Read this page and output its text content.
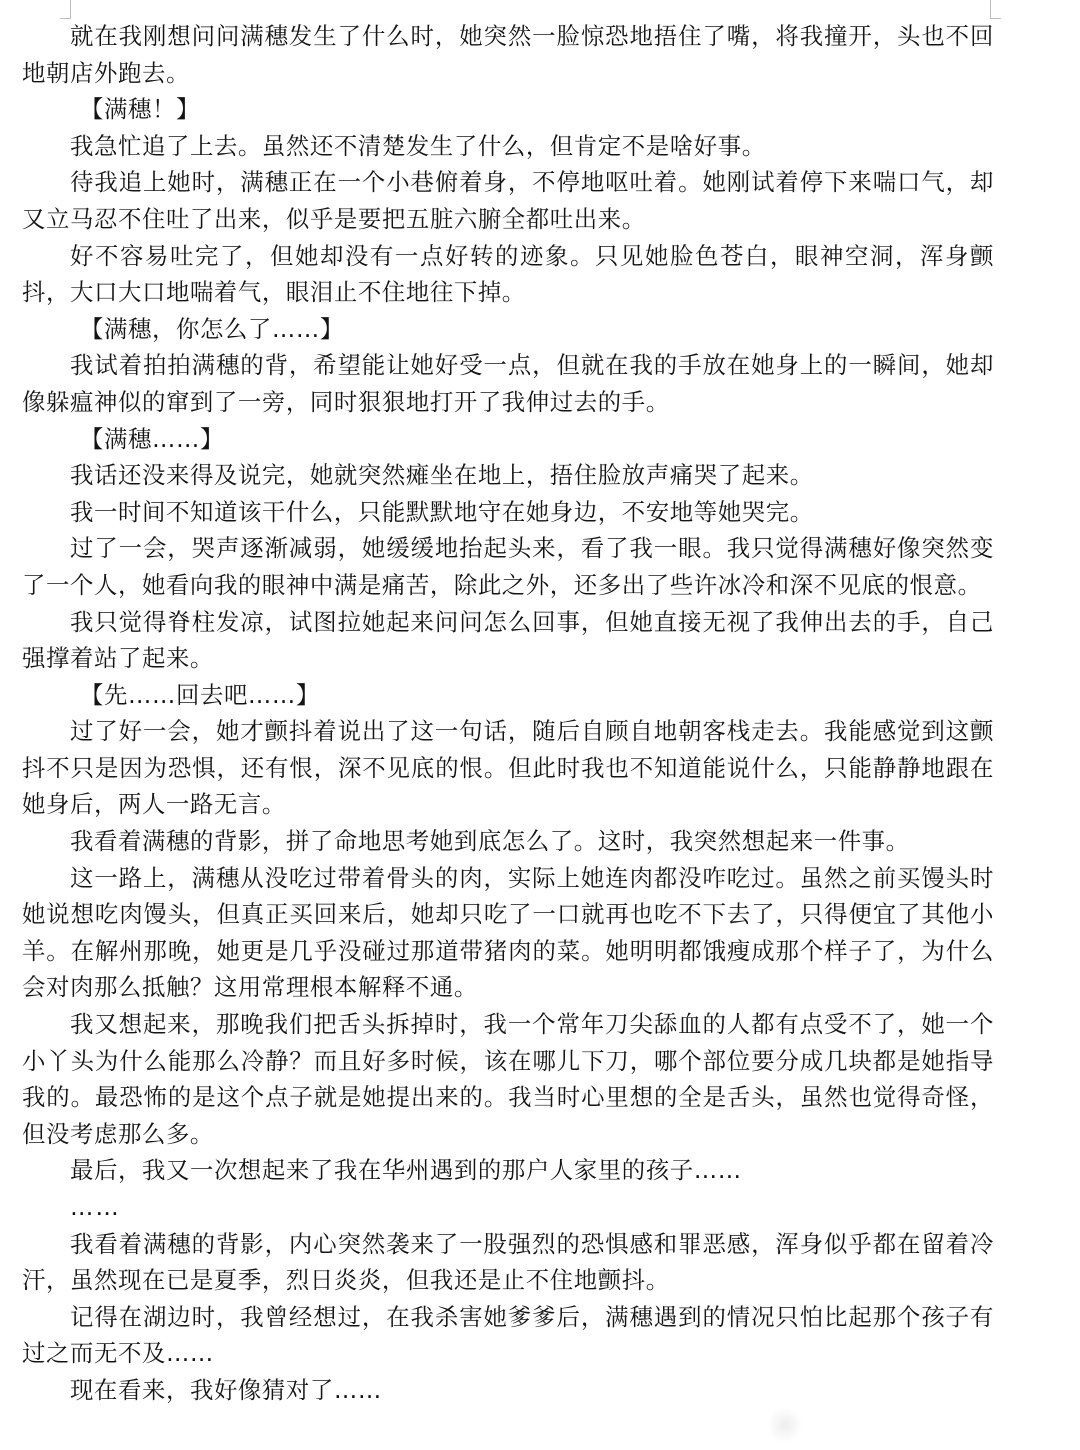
就在我刚想问问满穗发生了什么时，她突然一脸惊恐地捂住了嘴，将我撞开，头也不回地朝店外跑去。

【满穗！】

我急忙追了上去。虽然还不清楚发生了什么，但肯定不是啥好事。

待我追上她时，满穗正在一个小巷俯着身，不停地呕吐着。她刚试着停下来喘口气，却又立马忍不住吐了出来，似乎是要把五脏六腑全都吐出来。

好不容易吐完了，但她却没有一点好转的迹象。只见她脸色苍白，眼神空洞，浑身颤抖，大口大口地喘着气，眼泪止不住地往下掉。

【满穗，你怎么了……】

我试着拍拍满穗的背，希望能让她好受一点，但就在我的手放在她身上的一瞬间，她却像躲瘟神似的窜到了一旁，同时狠狠地打开了我伸过去的手。

【满穗……】

我话还没来得及说完，她就突然瘫坐在地上，捂住脸放声痛哭了起来。

我一时间不知道该干什么，只能默默地守在她身边，不安地等她哭完。

过了一会，哭声逐渐减弱，她缓缓地抬起头来，看了我一眼。我只觉得满穗好像突然变了一个人，她看向我的眼神中满是痛苦，除此之外，还多出了些许冰冷和深不见底的恨意。

我只觉得脊柱发凉，试图拉她起来问问怎么回事，但她直接无视了我伸出去的手，自己强撑着站了起来。

【先……回去吧……】

过了好一会，她才颤抖着说出了这一句话，随后自顾自地朝客栈走去。我能感觉到这颤抖不只是因为恐惧，还有恨，深不见底的恨。但此时我也不知道能说什么，只能静静地跟在她身后，两人一路无言。

我看着满穗的背影，拼了命地思考她到底怎么了。这时，我突然想起来一件事。

这一路上，满穗从没吃过带着骨头的肉，实际上她连肉都没咋吃过。虽然之前买馒头时她说想吃肉馒头，但真正买回来后，她却只吃了一口就再也吃不下去了，只得便宜了其他小羊。在解州那晚，她更是几乎没碰过那道带猪肉的菜。她明明都饿瘦成那个样子了，为什么会对肉那么抵触？这用常理根本解释不通。

我又想起来，那晚我们把舌头拆掉时，我一个常年刀尖舔血的人都有点受不了，她一个小丫头为什么能那么冷静？而且好多时候，该在哪儿下刀，哪个部位要分成几块都是她指导我的。最恐怖的是这个点子就是她提出来的。我当时心里想的全是舌头，虽然也觉得奇怪，但没考虑那么多。

最后，我又一次想起来了我在华州遇到的那户人家里的孩子……

……

我看着满穗的背影，内心突然袭来了一股强烈的恐惧感和罪恶感，浑身似乎都在留着冷汗，虽然现在已是夏季，烈日炎炎，但我还是止不住地颤抖。

记得在湖边时，我曾经想过，在我杀害她爹爹后，满穗遇到的情况只怕比起那个孩子有过之而无不及……

现在看来，我好像猜对了……
